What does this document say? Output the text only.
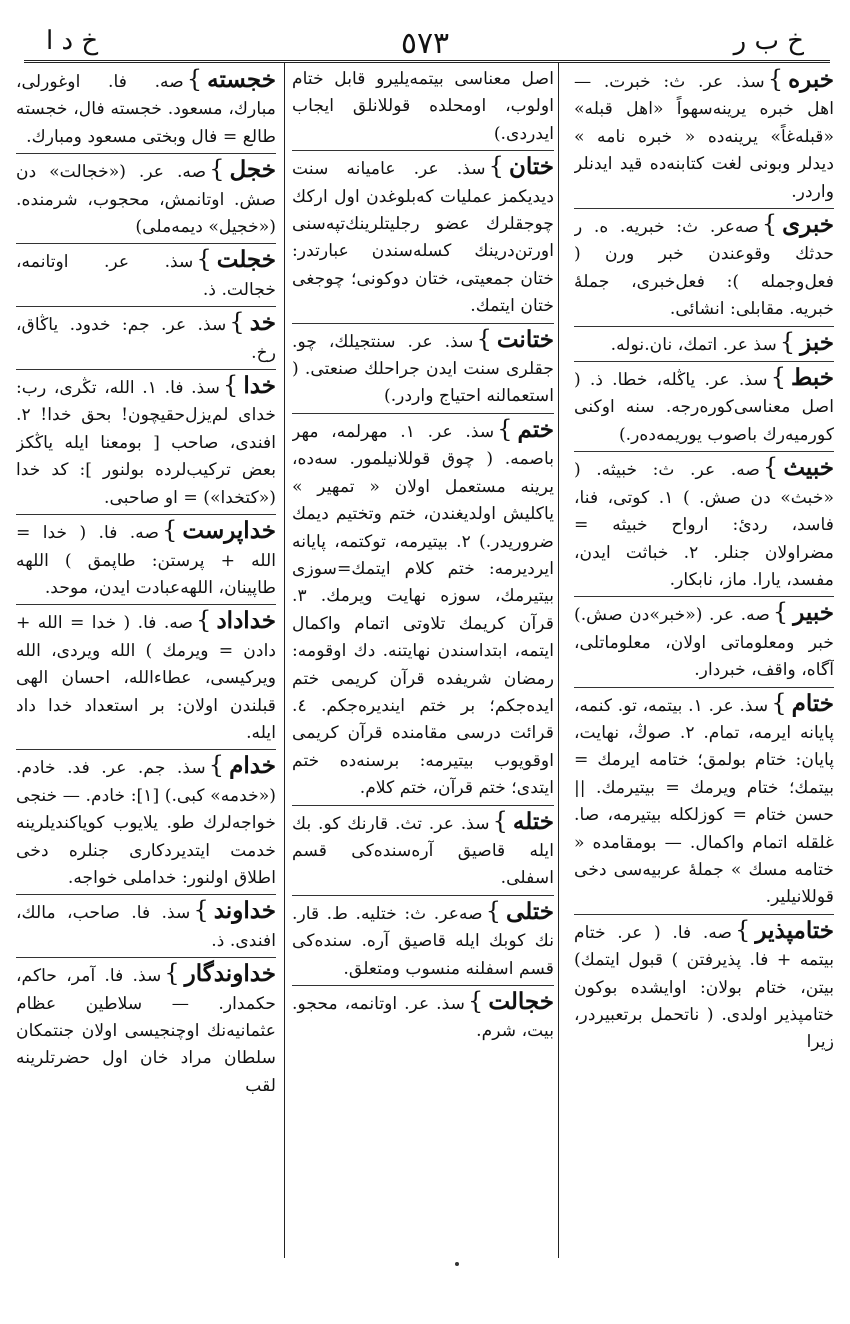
خ ب ر
٥٧٣
خ د ا
خبره}سذ. عر. ث: خبرت. — اهل خبره يرينه‌سهواً «اهل قبله» «قبله‌غاً» يرينه‌ده « خبره نامه » ديدلر وبونى لغت كتابنه‌ده قيد ايدنلر واردر.
خبری}صه‌عر. ث: خبريه. ه. ر حدثك وقوعندن خبر ورن ( فعل‌وجمله ): فعل‌خبرى، جملهٔ خبريه. مقابلى: انشائى.
خبز}سذ عر. اتمك، نان.نوله.
خبط}سذ. عر. ياڭله، خطا. ذ. ( اصل معناسى‌كوره‌رجه. سنه اوكنى كورميه‌رك باصوب يوريمه‌ده‌ر.)
خبيث}صه. عر. ث: خبيثه. ( «خبث» دن صش. ) ١. كوتى، فنا، فاسد، ردئ: ارواح خبيثه = مضراولان جنلر. ٢. خباثت ايدن، مفسد، يارا. ماز، نابكار.
خبير}صه. عر. («خبر»دن صش.) خبر ومعلوماتى اولان، معلوماتلى، آگاه، واقف، خبردار.
ختام}سذ. عر. ١. بيتمه، تو. كنمه، پايانه ايرمه، تمام. ٢. صوڭ، نهايت، پايان: ختام بولمق؛ ختامه ايرمك = بيتمك؛ ختام ويرمك = بيتيرمك. || حسن ختام = كوزلكله بيتيرمه، صا. غلقله اتمام واكمال. — بومقامده « ختامه مسك » جملهٔ عربيه‌سى دخى قوللانيلير.
ختامپذير}صه. فا. ( عر. ختام بيتمه + فا. پذيرفتن ) قبول ايتمك) بيتن، ختام بولان: اوايشده بوكون ختامپذير اولدى. ( ناتحمل برتعبيردر، زيرا
اصل معناسى بيتمه‌يليرو قابل ختام اولوب، اومحلده قوللانلق ايجاب ايدردى.)
ختان}سذ. عر. عاميانه سنت ديديكمز عمليات كه‌بلوغدن اول اركك چوجقلرك عضو رجليتلرينك‌تپه‌سنى اورتن‌درينك كسله‌سندن عبارتدر: ختان جمعيتى، ختان دوكونى؛ چوجغى ختان ايتمك.
ختانت}سذ. عر. سنتجيلك، چو. جقلرى سنت ايدن جراحلك صنعتى. ( استعمالنه احتياج واردر.)
ختم}سذ. عر. ١. مهرلمه، مهر باصمه. ( چوق قوللانيلمور. سه‌ده، يرينه مستعمل اولان « تمهير » ياكليش اولديغندن، ختم وتختيم ديمك ضروريدر.) ٢. بيتيرمه، توكتمه، پايانه ايرديرمه: ختم كلام ايتمك=سوزى بيتيرمك، سوزه نهايت ويرمك. ٣. قرآن كريمك تلاوتى اتمام واكمال ايتمه، ابتداسندن نهايتنه. دك اوقومه: رمضان شريفده قرآن كريمى ختم ايده‌جكم؛ بر ختم اينديره‌جكم. ٤. قرائت درسى مقامنده قرآن كريمى اوقويوب بيتيرمه: برسنه‌ده ختم ايتدى؛ ختم قرآن، ختم كلام.
ختله}سذ. عر. تث. قارنك كو. بك ايله قاصيق آره‌سنده‌كى قسم اسفلى.
ختلى}صه‌عر. ث: ختليه. ط. قار. نك كوبك ايله قاصيق آره. سنده‌كى قسم اسفلنه منسوب ومتعلق.
خجالت}سذ. عر. اوتانمه، محجو. بيت، شرم.
خجسته}صه. فا. اوغورلى، مبارك، مسعود. خجسته فال، خجسته طالع = فال وبختى مسعود ومبارك.
خجل}صه. عر. («خجالت» دن صش. اوتانمش، محجوب، شرمنده. («خجيل» ديمه‌ملى)
خجلت}سذ. عر. اوتانمه، خجالت. ذ.
خد}سذ. عر. جم: خدود. ياڭاق، رخ.
خدا}سذ. فا. ١. الله، تڭرى، رب: خداى لم‌يزل‌حقيچون! بحق خدا! ٢. افندى، صاحب [ بومعنا ايله ياڭكز بعض تركيب‌لرده بولنور ]: كد خدا («كتخدا») = او صاحبى.
خداپرست}صه. فا. ( خدا = الله + پرستن: طاپمق ) اللهه طاپينان، اللهه‌عبادت ايدن، موحد.
خداداد}صه. فا. ( خدا = الله + دادن = ويرمك ) الله ويردى، الله ويركيسى، عطاءالله، احسان الهى قبلندن اولان: بر استعداد خدا داد ايله.
خدام}سذ. جم. عر. فد. خادم. («خدمه» كبى.) [١]: خادم. — خنجى خواجه‌لرك طو. يلايوب كوياكنديلرينه خدمت ايتديردكارى جنلره دخى اطلاق اولنور: خداملى خواجه.
خداوند}سذ. فا. صاحب، مالك، افندى. ذ.
خداوندگار}سذ. فا. آمر، حاكم، حكمدار. — سلاطين عظام عثمانيه‌نك اوچنجيسى اولان جنتمكان سلطان مراد خان اول حضرتلرينه لقب
